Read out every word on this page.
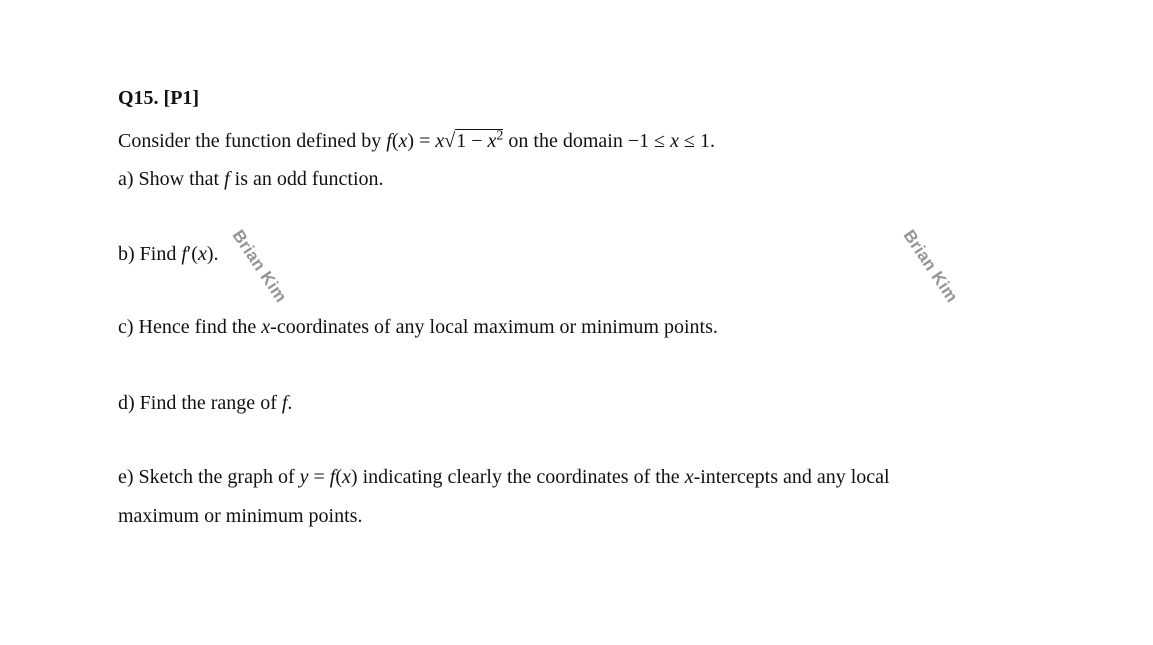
Q15. [P1]
Consider the function defined by $f(x) = x√1 - x^2$ on the domain −1 ≤ x ≤ 1.
a) Show that f is an odd function.
b) Find f′(x).
c) Hence find the x-coordinates of any local maximum or minimum points.
d) Find the range of f.
e) Sketch the graph of y = f(x) indicating clearly the coordinates of the x-intercepts and any local
maximum or minimum points.
Brian Kim	Brian Kim
